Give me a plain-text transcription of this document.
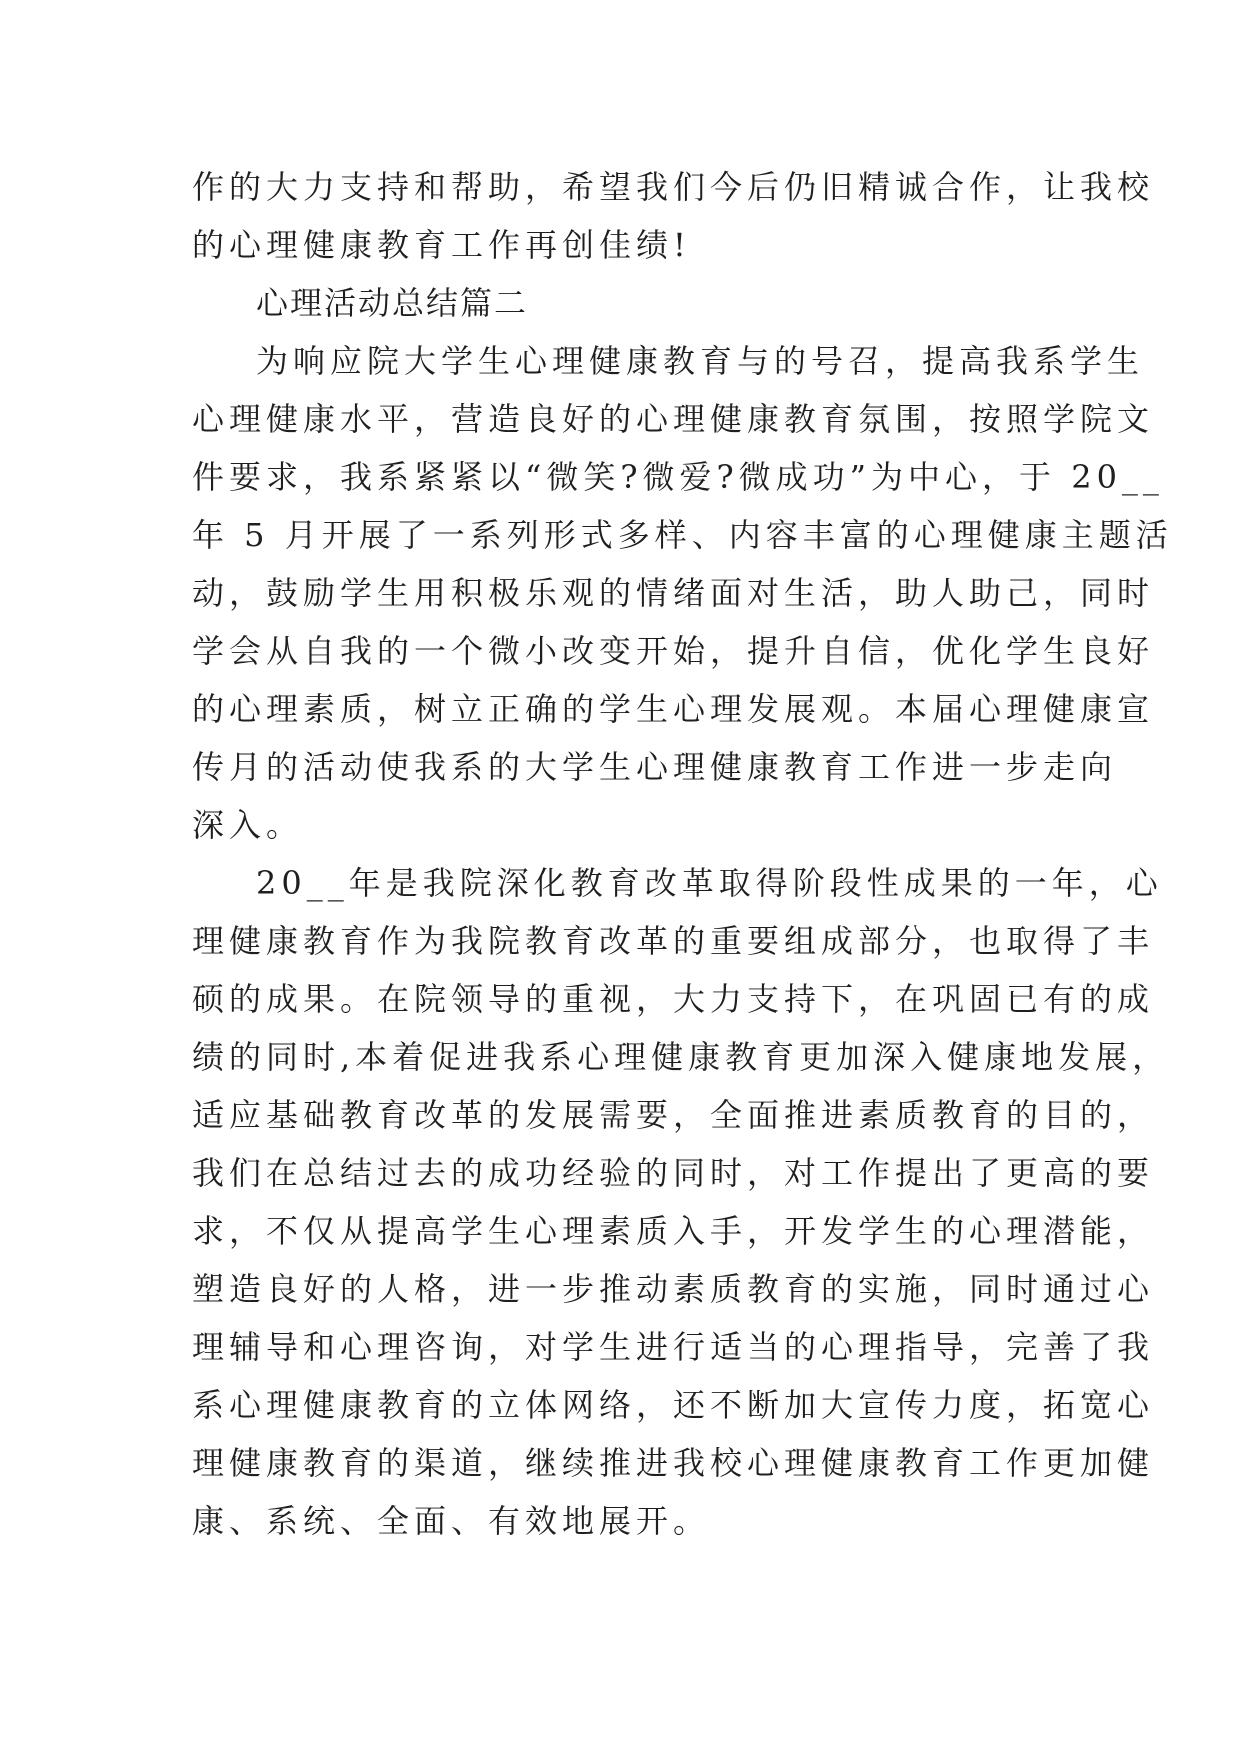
作的大力支持和帮助，希望我们今后仍旧精诚合作，让我校
的心理健康教育工作再创佳绩!
心理活动总结篇二
为响应院大学生心理健康教育与的号召，提高我系学生
心理健康水平，营造良好的心理健康教育氛围，按照学院文
件要求，我系紧紧以“微笑?微爱?微成功”为中心，于 20__
年 5 月开展了一系列形式多样、内容丰富的心理健康主题活
动，鼓励学生用积极乐观的情绪面对生活，助人助己，同时
学会从自我的一个微小改变开始，提升自信，优化学生良好
的心理素质，树立正确的学生心理发展观。本届心理健康宣
传月的活动使我系的大学生心理健康教育工作进一步走向
深入。
20__年是我院深化教育改革取得阶段性成果的一年，心
理健康教育作为我院教育改革的重要组成部分，也取得了丰
硕的成果。在院领导的重视，大力支持下，在巩固已有的成
绩的同时,本着促进我系心理健康教育更加深入健康地发展，
适应基础教育改革的发展需要，全面推进素质教育的目的，
我们在总结过去的成功经验的同时，对工作提出了更高的要
求，不仅从提高学生心理素质入手，开发学生的心理潜能，
塑造良好的人格，进一步推动素质教育的实施，同时通过心
理辅导和心理咨询，对学生进行适当的心理指导，完善了我
系心理健康教育的立体网络，还不断加大宣传力度，拓宽心
理健康教育的渠道，继续推进我校心理健康教育工作更加健
康、系统、全面、有效地展开。
